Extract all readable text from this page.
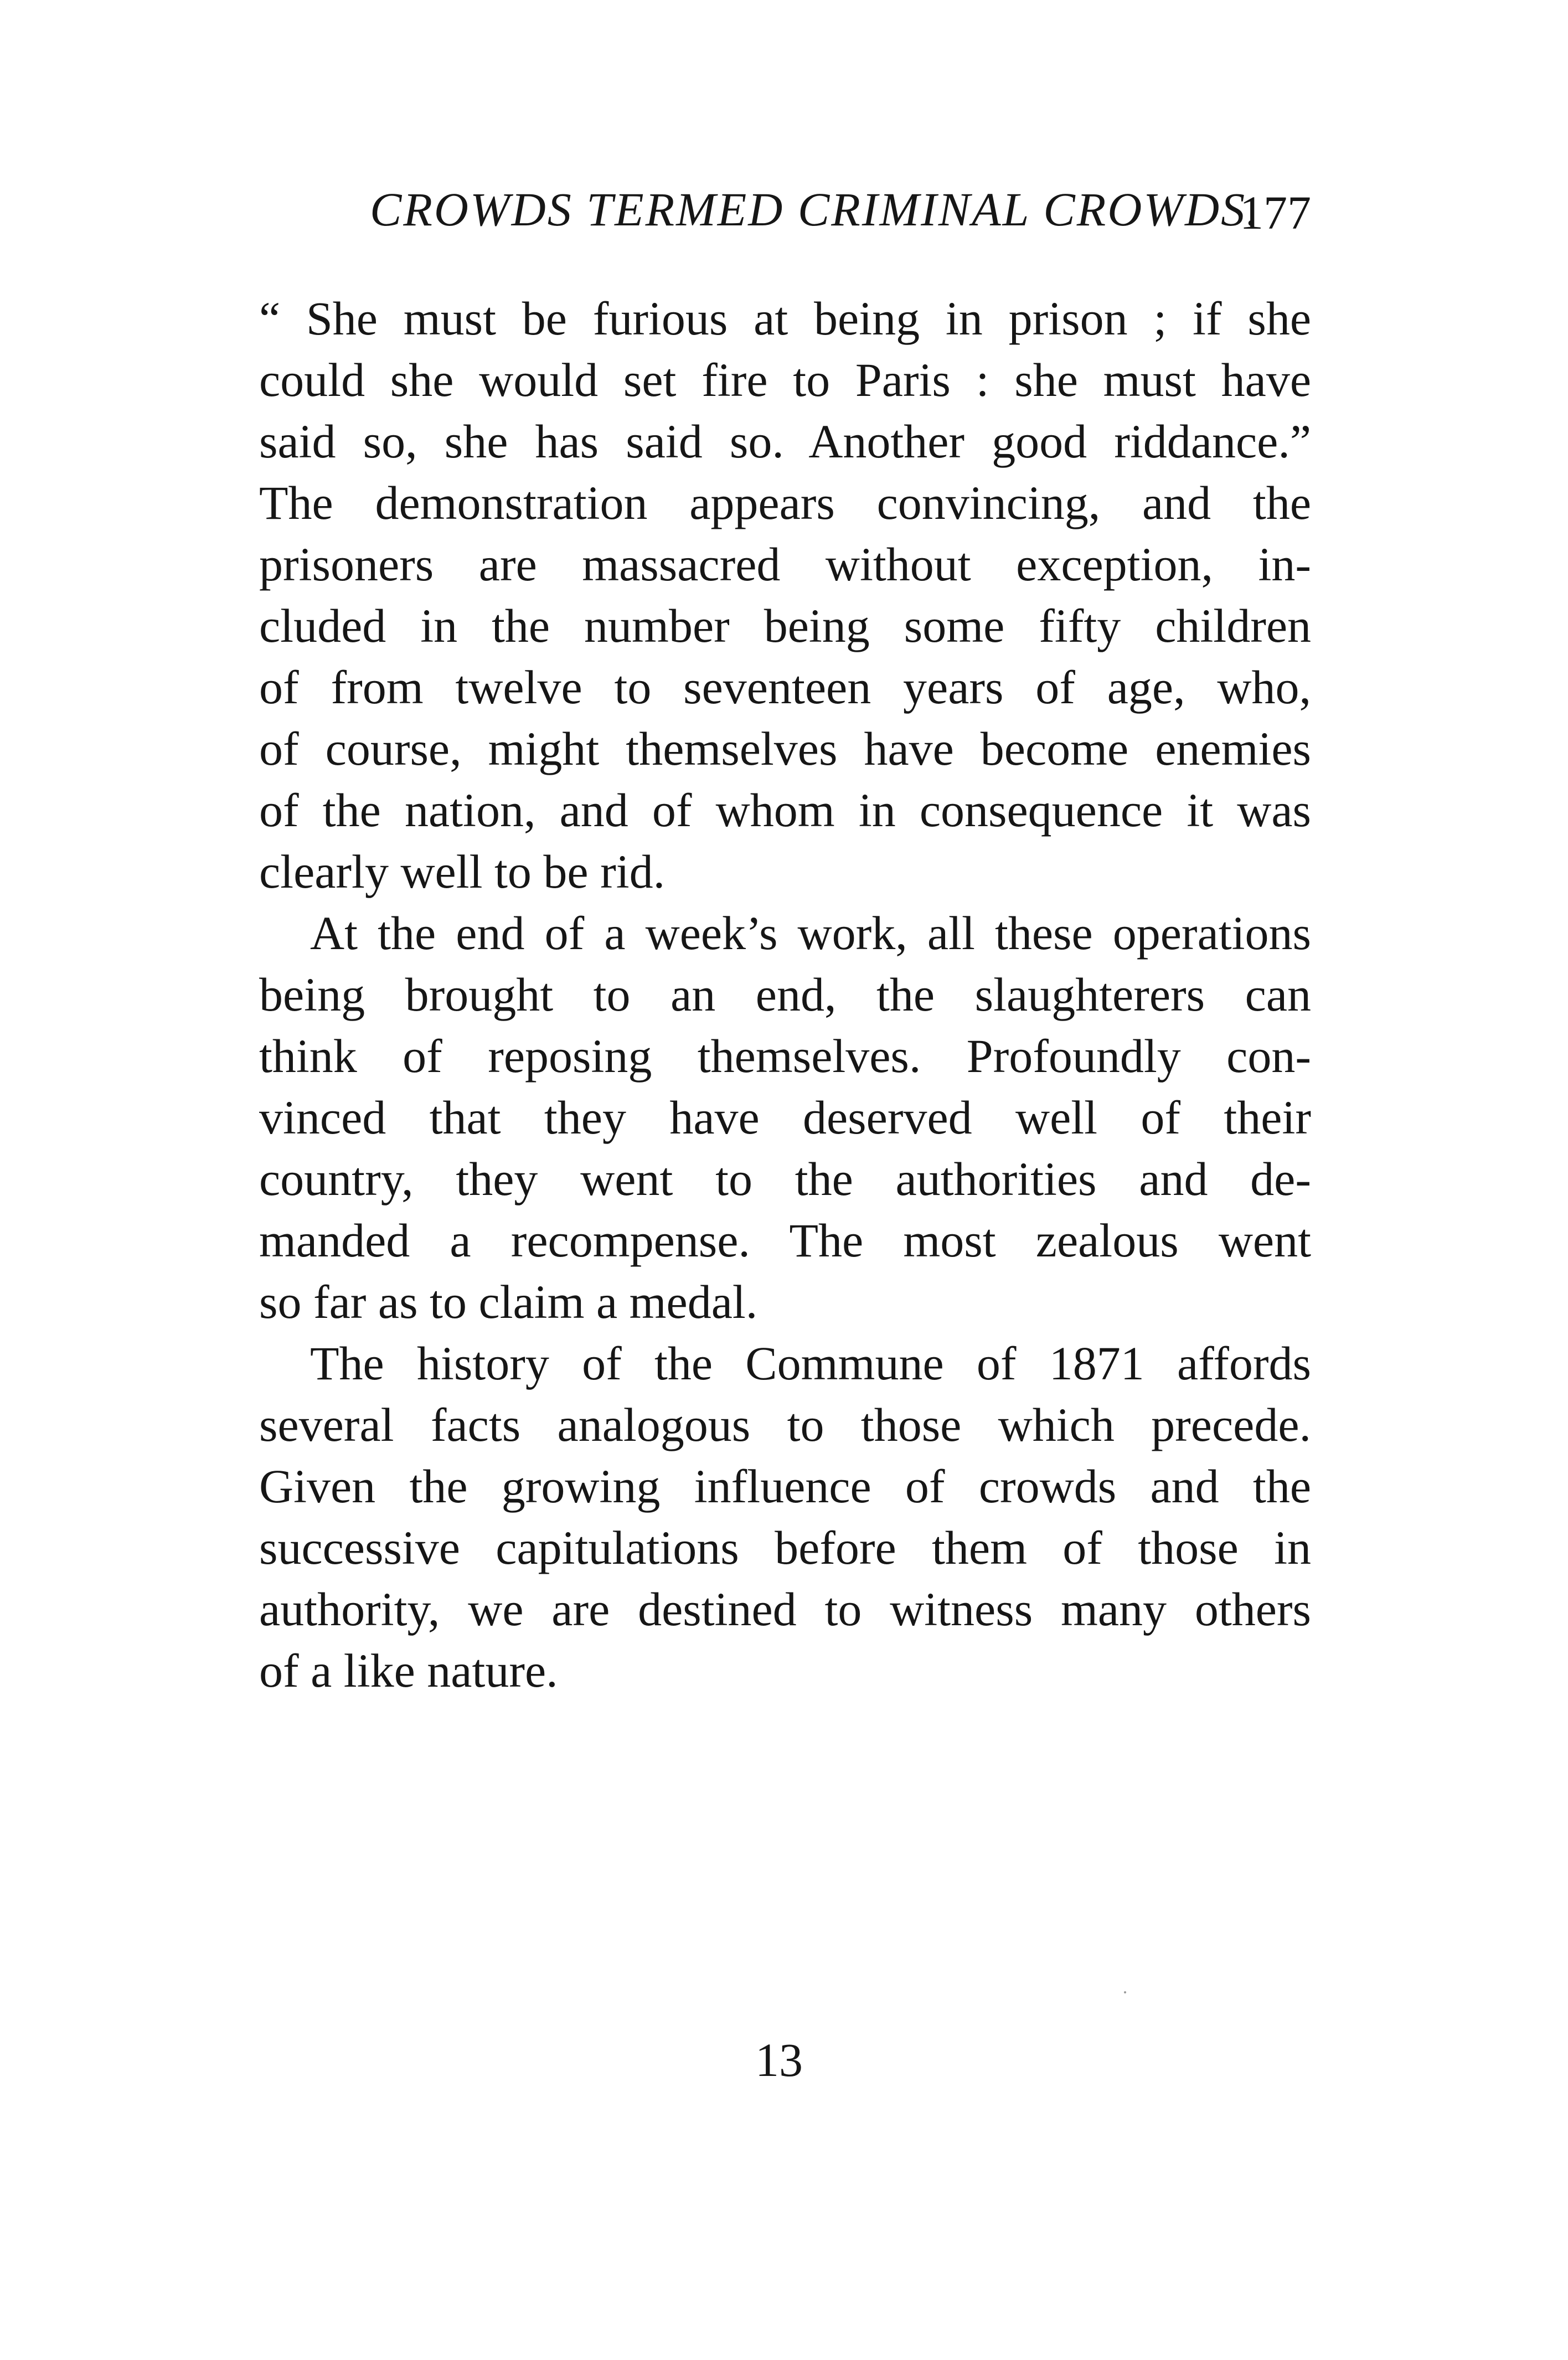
CROWDS TERMED CRIMINAL CROWDS.
177
“ She must be furious at being in prison ; if she
could she would set fire to Paris : she must have
said so, she has said so. Another good riddance.”
The demonstration appears convincing, and the
prisoners are massacred without exception, in-
cluded in the number being some fifty children
of from twelve to seventeen years of age, who,
of course, might themselves have become enemies
of the nation, and of whom in consequence it was
clearly well to be rid.
At the end of a week’s work, all these operations
being brought to an end, the slaughterers can
think of reposing themselves. Profoundly con-
vinced that they have deserved well of their
country, they went to the authorities and de-
manded a recompense. The most zealous went
so far as to claim a medal.
The history of the Commune of 1871 affords
several facts analogous to those which precede.
Given the growing influence of crowds and the
successive capitulations before them of those in
authority, we are destined to witness many others
of a like nature.
13
